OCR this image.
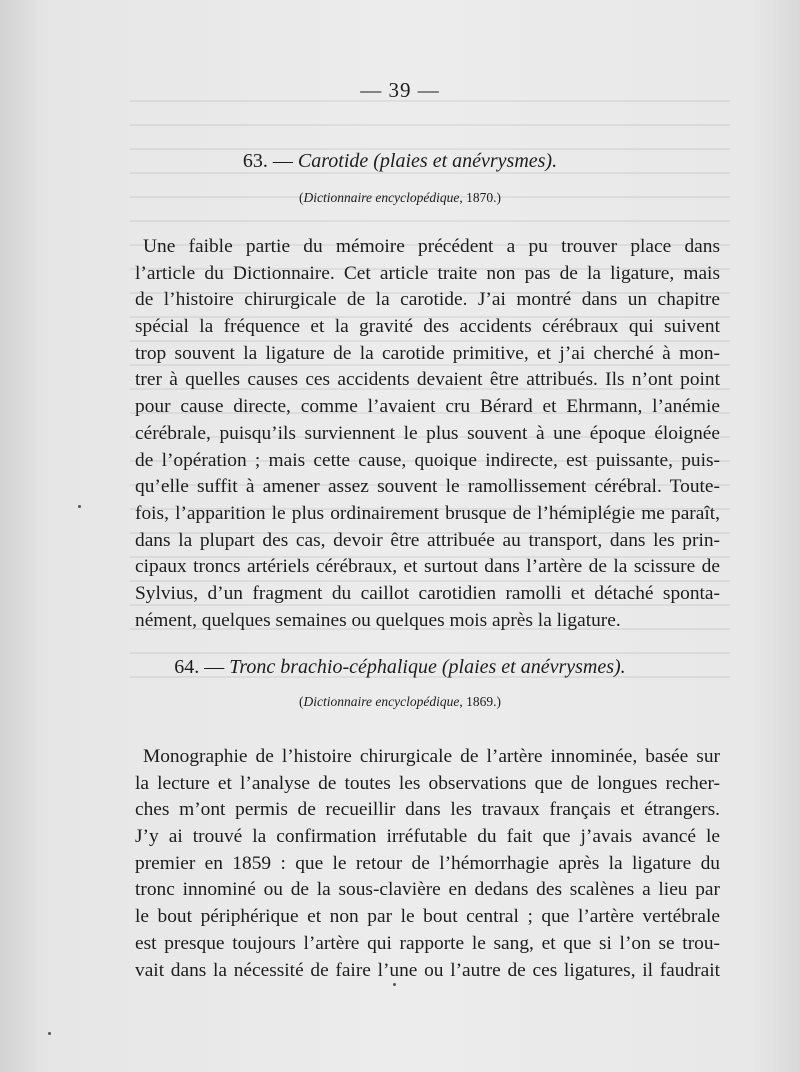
— 39 —
63. — Carotide (plaies et anévrysmes).
(Dictionnaire encyclopédique, 1870.)
Une faible partie du mémoire précédent a pu trouver place dans
l’article du Dictionnaire. Cet article traite non pas de la ligature, mais
de l’histoire chirurgicale de la carotide. J’ai montré dans un chapitre
spécial la fréquence et la gravité des accidents cérébraux qui suivent
trop souvent la ligature de la carotide primitive, et j’ai cherché à mon-
trer à quelles causes ces accidents devaient être attribués. Ils n’ont point
pour cause directe, comme l’avaient cru Bérard et Ehrmann, l’anémie
cérébrale, puisqu’ils surviennent le plus souvent à une époque éloignée
de l’opération ; mais cette cause, quoique indirecte, est puissante, puis-
qu’elle suffit à amener assez souvent le ramollissement cérébral. Toute-
fois, l’apparition le plus ordinairement brusque de l’hémiplégie me paraît,
dans la plupart des cas, devoir être attribuée au transport, dans les prin-
cipaux troncs artériels cérébraux, et surtout dans l’artère de la scissure de
Sylvius, d’un fragment du caillot carotidien ramolli et détaché sponta-
nément, quelques semaines ou quelques mois après la ligature.
64. — Tronc brachio-céphalique (plaies et anévrysmes).
(Dictionnaire encyclopédique, 1869.)
Monographie de l’histoire chirurgicale de l’artère innominée, basée sur
la lecture et l’analyse de toutes les observations que de longues recher-
ches m’ont permis de recueillir dans les travaux français et étrangers.
J’y ai trouvé la confirmation irréfutable du fait que j’avais avancé le
premier en 1859 : que le retour de l’hémorrhagie après la ligature du
tronc innominé ou de la sous-clavière en dedans des scalènes a lieu par
le bout périphérique et non par le bout central ; que l’artère vertébrale
est presque toujours l’artère qui rapporte le sang, et que si l’on se trou-
vait dans la nécessité de faire l’une ou l’autre de ces ligatures, il faudrait
